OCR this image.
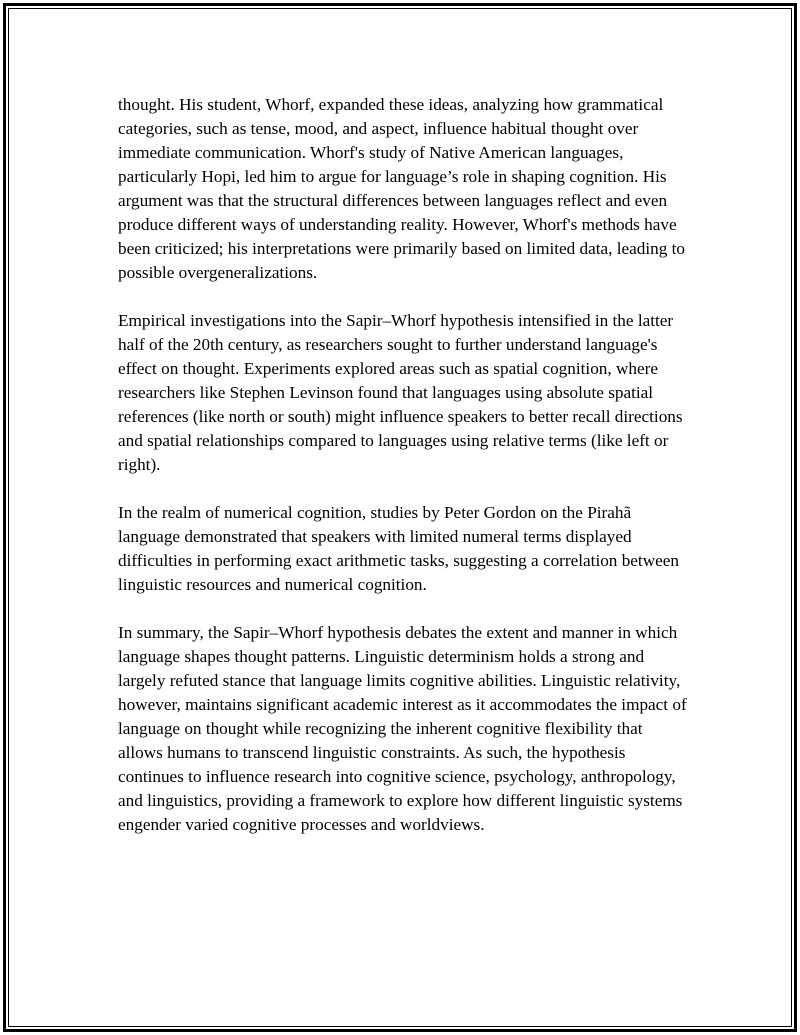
thought. His student, Whorf, expanded these ideas, analyzing how grammatical categories, such as tense, mood, and aspect, influence habitual thought over immediate communication. Whorf's study of Native American languages, particularly Hopi, led him to argue for language’s role in shaping cognition. His argument was that the structural differences between languages reflect and even produce different ways of understanding reality. However, Whorf's methods have been criticized; his interpretations were primarily based on limited data, leading to possible overgeneralizations.

Empirical investigations into the Sapir–Whorf hypothesis intensified in the latter half of the 20th century, as researchers sought to further understand language's effect on thought. Experiments explored areas such as spatial cognition, where researchers like Stephen Levinson found that languages using absolute spatial references (like north or south) might influence speakers to better recall directions and spatial relationships compared to languages using relative terms (like left or right).

In the realm of numerical cognition, studies by Peter Gordon on the Pirahã language demonstrated that speakers with limited numeral terms displayed difficulties in performing exact arithmetic tasks, suggesting a correlation between linguistic resources and numerical cognition.

In summary, the Sapir–Whorf hypothesis debates the extent and manner in which language shapes thought patterns. Linguistic determinism holds a strong and largely refuted stance that language limits cognitive abilities. Linguistic relativity, however, maintains significant academic interest as it accommodates the impact of language on thought while recognizing the inherent cognitive flexibility that allows humans to transcend linguistic constraints. As such, the hypothesis continues to influence research into cognitive science, psychology, anthropology, and linguistics, providing a framework to explore how different linguistic systems engender varied cognitive processes and worldviews.
